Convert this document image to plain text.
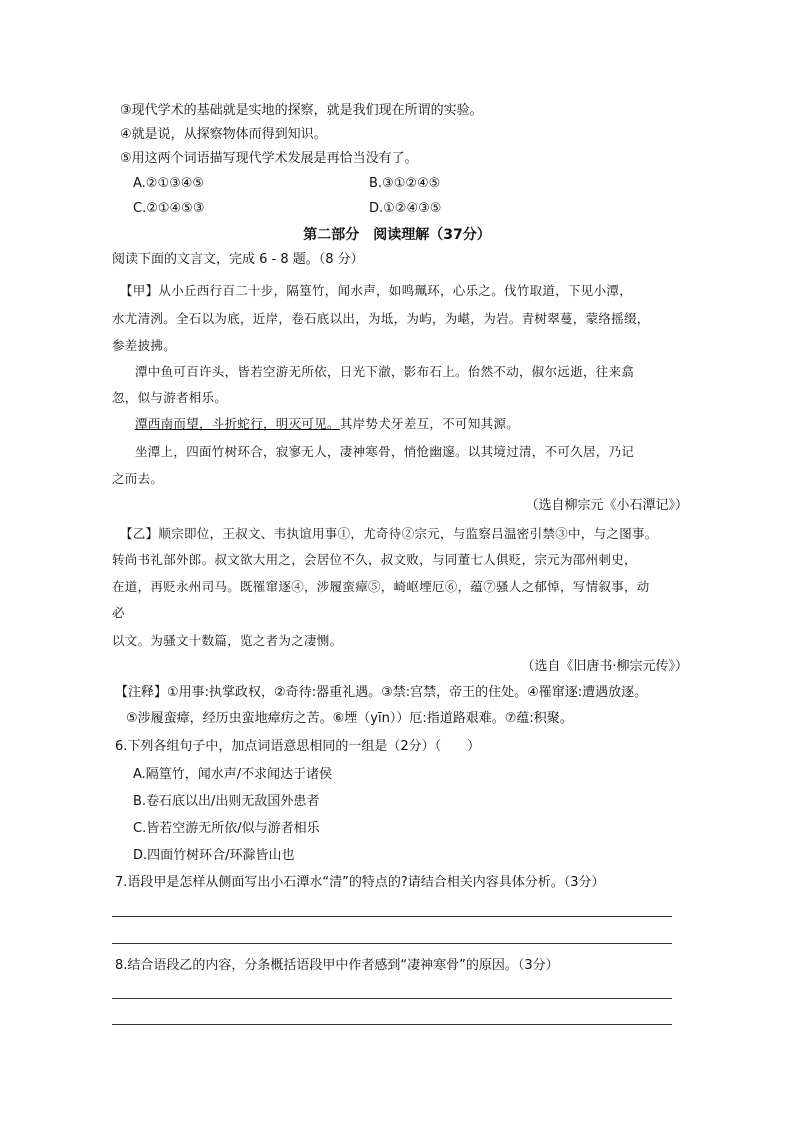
③现代学术的基础就是实地的探察，就是我们现在所谓的实验。
④就是说，从探察物体而得到知识。
⑤用这两个词语描写现代学术发展是再恰当没有了。
A.②①③④⑤	B.③①②④⑤
C.②①④⑤③	D.①②④③⑤
第二部分　阅读理解（37分）
阅读下面的文言文，完成 6 - 8 题。（8 分）
【甲】从小丘西行百二十步，隔篁竹，闻水声，如鸣珮环，心乐之。伐竹取道，下见小潭，
水尤清洌。全石以为底，近岸，卷石底以出，为坻，为屿，为嵁，为岩。青树翠蔓，蒙络摇缀，
参差披拂。
潭中鱼可百许头，皆若空游无所依，日光下澈，影布石上。佁然不动，俶尔远逝，往来翕
忽，似与游者相乐。
潭西南而望，斗折蛇行，明灭可见。其岸势犬牙差互，不可知其源。
坐潭上，四面竹树环合，寂寥无人，凄神寒骨，悄怆幽邃。以其境过清，不可久居，乃记
之而去。
（选自柳宗元《小石潭记》）
【乙】顺宗即位，王叔文、韦执谊用事①，尤奇待②宗元，与监察吕温密引禁③中，与之图事。
转尚书礼部外郎。叔文欲大用之，会居位不久，叔文败，与同董七人俱贬，宗元为邵州刺史，
在道，再贬永州司马。既罹窜逐④，涉履蛮瘴⑤，崎岖堙厄⑥，蕴⑦骚人之郁悼，写情叙事，动
必
以文。为骚文十数篇，览之者为之凄恻。
（选自《旧唐书·柳宗元传》）
【注释】①用事:执掌政权，②奇待:器重礼遇。③禁:宫禁，帝王的住处。④罹窜逐:遭遇放逐。
⑤涉履蛮瘴，经历虫蛮地瘴疠之苦。⑥堙（yīn））厄:指道路艰难。⑦蕴:积聚。
6.下列各组句子中，加点词语意思相同的一组是（2分）（　　）
A.隔篁竹，闻水声/不求闻达于诸侯
B.卷石底以出/出则无敌国外患者
C.皆若空游无所依/似与游者相乐
D.四面竹树环合/环滁皆山也
7.语段甲是怎样从侧面写出小石潭水“清”的特点的?请结合相关内容具体分析。（3分）
8.结合语段乙的内容，分条概括语段甲中作者感到“凄神寒骨”的原因。（3分）
